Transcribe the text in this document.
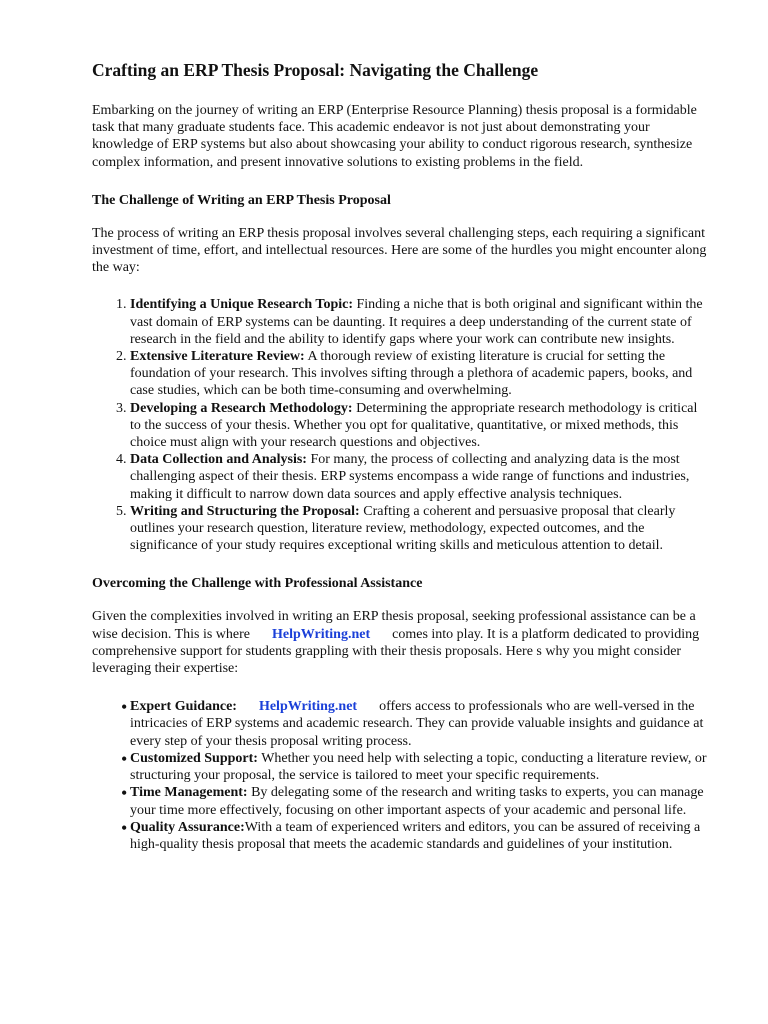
Crafting an ERP Thesis Proposal: Navigating the Challenge

Embarking on the journey of writing an ERP (Enterprise Resource Planning) thesis proposal is a formidable task that many graduate students face. This academic endeavor is not just about demonstrating your knowledge of ERP systems but also about showcasing your ability to conduct rigorous research, synthesize complex information, and present innovative solutions to existing problems in the field.

The Challenge of Writing an ERP Thesis Proposal

The process of writing an ERP thesis proposal involves several challenging steps, each requiring a significant investment of time, effort, and intellectual resources. Here are some of the hurdles you might encounter along the way:

1. Identifying a Unique Research Topic: Finding a niche that is both original and significant within the vast domain of ERP systems can be daunting. It requires a deep understanding of the current state of research in the field and the ability to identify gaps where your work can contribute new insights.
2. Extensive Literature Review: A thorough review of existing literature is crucial for setting the foundation of your research. This involves sifting through a plethora of academic papers, books, and case studies, which can be both time-consuming and overwhelming.
3. Developing a Research Methodology: Determining the appropriate research methodology is critical to the success of your thesis. Whether you opt for qualitative, quantitative, or mixed methods, this choice must align with your research questions and objectives.
4. Data Collection and Analysis: For many, the process of collecting and analyzing data is the most challenging aspect of their thesis. ERP systems encompass a wide range of functions and industries, making it difficult to narrow down data sources and apply effective analysis techniques.
5. Writing and Structuring the Proposal: Crafting a coherent and persuasive proposal that clearly outlines your research question, literature review, methodology, expected outcomes, and the significance of your study requires exceptional writing skills and meticulous attention to detail.
Overcoming the Challenge with Professional Assistance

Given the complexities involved in writing an ERP thesis proposal, seeking professional assistance can be a wise decision. This is where HelpWriting.net comes into play. It is a platform dedicated to providing comprehensive support for students grappling with their thesis proposals. Here s why you might consider leveraging their expertise:

• Expert Guidance: HelpWriting.net offers access to professionals who are well-versed in the intricacies of ERP systems and academic research. They can provide valuable insights and guidance at every step of your thesis proposal writing process.
• Customized Support: Whether you need help with selecting a topic, conducting a literature review, or structuring your proposal, the service is tailored to meet your specific requirements.
• Time Management: By delegating some of the research and writing tasks to experts, you can manage your time more effectively, focusing on other important aspects of your academic and personal life.
• Quality Assurance:With a team of experienced writers and editors, you can be assured of receiving a high-quality thesis proposal that meets the academic standards and guidelines of your institution.
